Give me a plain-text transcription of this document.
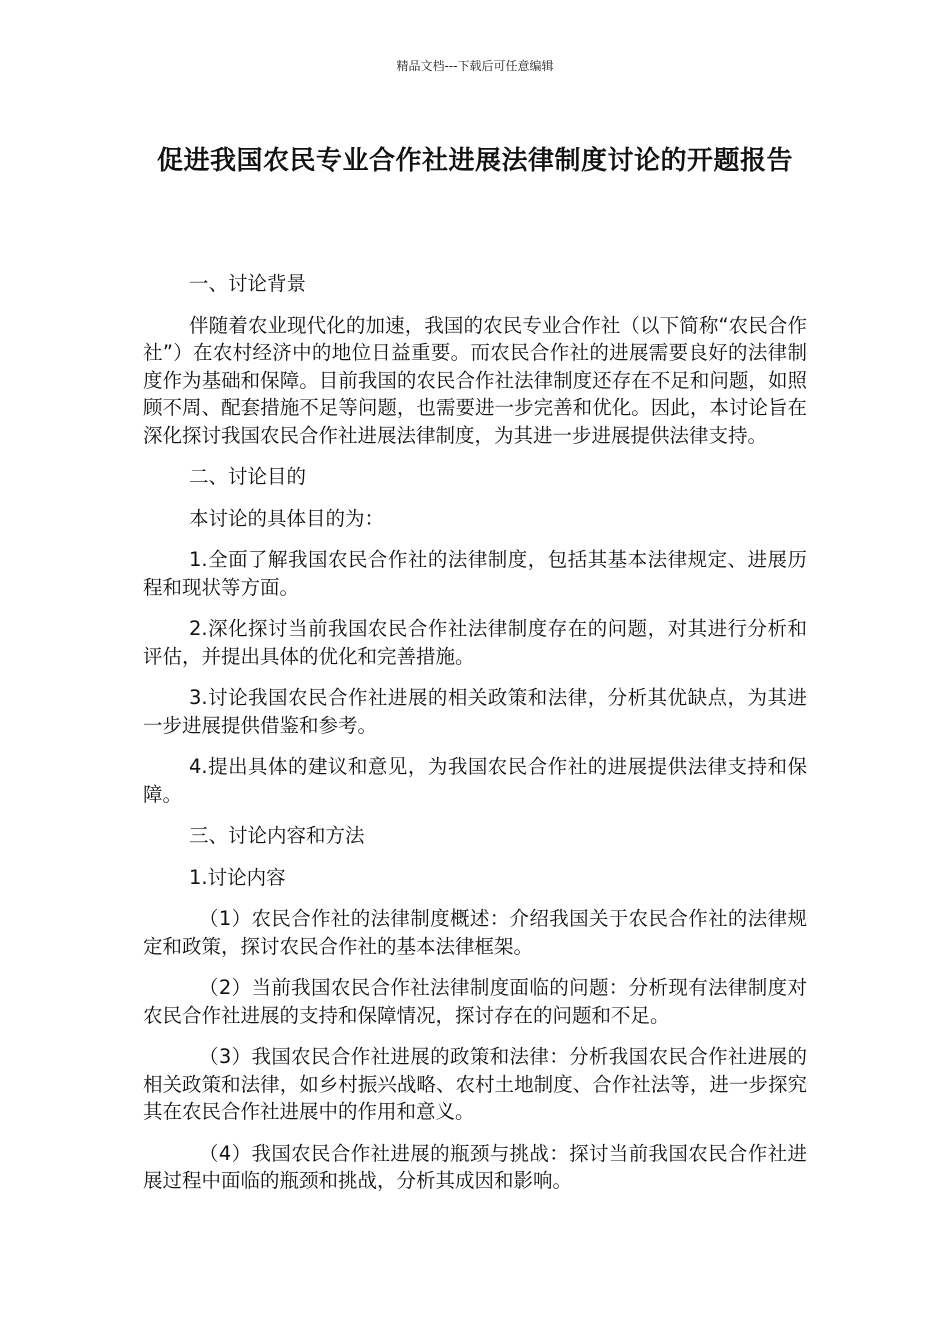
精品文档---下载后可任意编辑
促进我国农民专业合作社进展法律制度讨论的开题报告
一、讨论背景
伴随着农业现代化的加速，我国的农民专业合作社（以下简称“农民合作社”）在农村经济中的地位日益重要。而农民合作社的进展需要良好的法律制度作为基础和保障。目前我国的农民合作社法律制度还存在不足和问题，如照顾不周、配套措施不足等问题，也需要进一步完善和优化。因此，本讨论旨在深化探讨我国农民合作社进展法律制度，为其进一步进展提供法律支持。
二、讨论目的
本讨论的具体目的为：
1.全面了解我国农民合作社的法律制度，包括其基本法律规定、进展历程和现状等方面。
2.深化探讨当前我国农民合作社法律制度存在的问题，对其进行分析和评估，并提出具体的优化和完善措施。
3.讨论我国农民合作社进展的相关政策和法律，分析其优缺点，为其进一步进展提供借鉴和参考。
4.提出具体的建议和意见，为我国农民合作社的进展提供法律支持和保障。
三、讨论内容和方法
1.讨论内容
（1）农民合作社的法律制度概述：介绍我国关于农民合作社的法律规定和政策，探讨农民合作社的基本法律框架。
（2）当前我国农民合作社法律制度面临的问题：分析现有法律制度对农民合作社进展的支持和保障情况，探讨存在的问题和不足。
（3）我国农民合作社进展的政策和法律：分析我国农民合作社进展的相关政策和法律，如乡村振兴战略、农村土地制度、合作社法等，进一步探究其在农民合作社进展中的作用和意义。
（4）我国农民合作社进展的瓶颈与挑战：探讨当前我国农民合作社进展过程中面临的瓶颈和挑战，分析其成因和影响。
